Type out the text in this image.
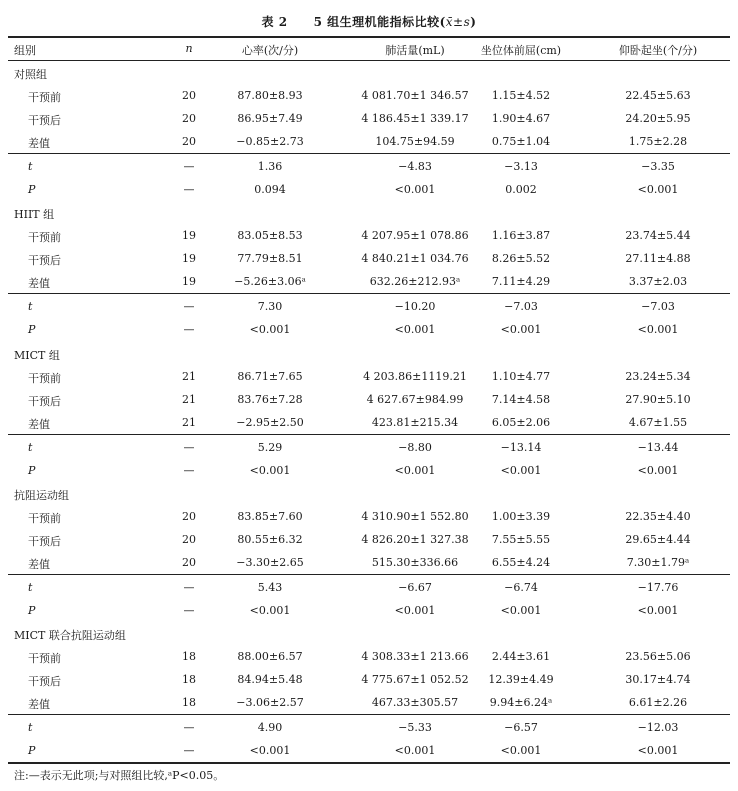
表 2 5 组生理机能指标比较(x̄±s)
组别	n	心率(次/分)	肺活量(mL)	坐位体前屈(cm)	仰卧起坐(个/分)
对照组
干预前	20	87.80±8.93	4 081.70±1 346.57	1.15±4.52	22.45±5.63
干预后	20	86.95±7.49	4 186.45±1 339.17	1.90±4.67	24.20±5.95
差值	20	−0.85±2.73	104.75±94.59	0.75±1.04	1.75±2.28
t	—	1.36	−4.83	−3.13	−3.35
P	—	0.094	<0.001	0.002	<0.001
HIIT 组
干预前	19	83.05±8.53	4 207.95±1 078.86	1.16±3.87	23.74±5.44
干预后	19	77.79±8.51	4 840.21±1 034.76	8.26±5.52	27.11±4.88
差值	19	−5.26±3.06ᵃ	632.26±212.93ᵃ	7.11±4.29	3.37±2.03
t	—	7.30	−10.20	−7.03	−7.03
P	—	<0.001	<0.001	<0.001	<0.001
MICT 组
干预前	21	86.71±7.65	4 203.86±1119.21	1.10±4.77	23.24±5.34
干预后	21	83.76±7.28	4 627.67±984.99	7.14±4.58	27.90±5.10
差值	21	−2.95±2.50	423.81±215.34	6.05±2.06	4.67±1.55
t	—	5.29	−8.80	−13.14	−13.44
P	—	<0.001	<0.001	<0.001	<0.001
抗阻运动组
干预前	20	83.85±7.60	4 310.90±1 552.80	1.00±3.39	22.35±4.40
干预后	20	80.55±6.32	4 826.20±1 327.38	7.55±5.55	29.65±4.44
差值	20	−3.30±2.65	515.30±336.66	6.55±4.24	7.30±1.79ᵃ
t	—	5.43	−6.67	−6.74	−17.76
P	—	<0.001	<0.001	<0.001	<0.001
MICT 联合抗阻运动组
干预前	18	88.00±6.57	4 308.33±1 213.66	2.44±3.61	23.56±5.06
干预后	18	84.94±5.48	4 775.67±1 052.52	12.39±4.49	30.17±4.74
差值	18	−3.06±2.57	467.33±305.57	9.94±6.24ᵃ	6.61±2.26
t	—	4.90	−5.33	−6.57	−12.03
P	—	<0.001	<0.001	<0.001	<0.001
注:—表示无此项;与对照组比较,ᵃP<0.05。
